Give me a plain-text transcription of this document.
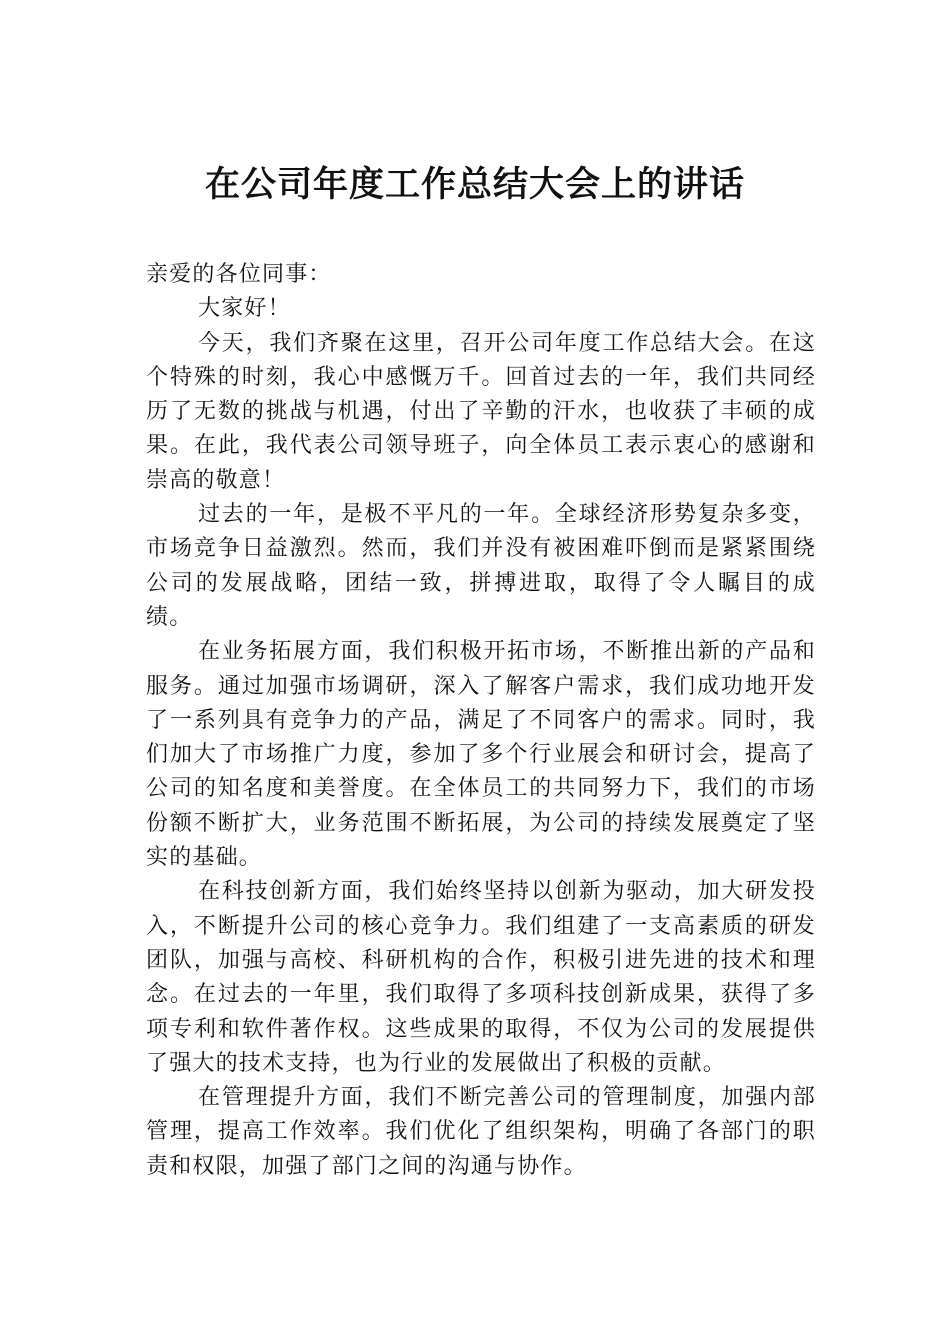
在公司年度工作总结大会上的讲话

亲爱的各位同事：

大家好！

今天，我们齐聚在这里，召开公司年度工作总结大会。在这个特殊的时刻，我心中感慨万千。回首过去的一年，我们共同经历了无数的挑战与机遇，付出了辛勤的汗水，也收获了丰硕的成果。在此，我代表公司领导班子，向全体员工表示衷心的感谢和崇高的敬意！

过去的一年，是极不平凡的一年。全球经济形势复杂多变，市场竞争日益激烈。然而，我们并没有被困难吓倒而是紧紧围绕公司的发展战略，团结一致，拼搏进取，取得了令人瞩目的成绩。

在业务拓展方面，我们积极开拓市场，不断推出新的产品和服务。通过加强市场调研，深入了解客户需求，我们成功地开发了一系列具有竞争力的产品，满足了不同客户的需求。同时，我们加大了市场推广力度，参加了多个行业展会和研讨会，提高了公司的知名度和美誉度。在全体员工的共同努力下，我们的市场份额不断扩大，业务范围不断拓展，为公司的持续发展奠定了坚实的基础。

在科技创新方面，我们始终坚持以创新为驱动，加大研发投入，不断提升公司的核心竞争力。我们组建了一支高素质的研发团队，加强与高校、科研机构的合作，积极引进先进的技术和理念。在过去的一年里，我们取得了多项科技创新成果，获得了多项专利和软件著作权。这些成果的取得，不仅为公司的发展提供了强大的技术支持，也为行业的发展做出了积极的贡献。

在管理提升方面，我们不断完善公司的管理制度，加强内部管理，提高工作效率。我们优化了组织架构，明确了各部门的职责和权限，加强了部门之间的沟通与协作。
